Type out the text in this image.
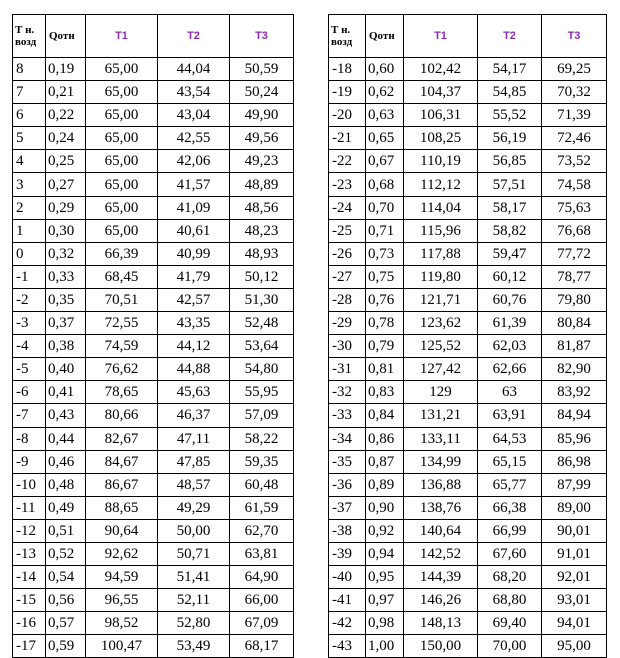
Т н.
возд	Qотн	T1	T2	T3
8	0,19	65,00	44,04	50,59
7	0,21	65,00	43,54	50,24
6	0,22	65,00	43,04	49,90
5	0,24	65,00	42,55	49,56
4	0,25	65,00	42,06	49,23
3	0,27	65,00	41,57	48,89
2	0,29	65,00	41,09	48,56
1	0,30	65,00	40,61	48,23
0	0,32	66,39	40,99	48,93
-1	0,33	68,45	41,79	50,12
-2	0,35	70,51	42,57	51,30
-3	0,37	72,55	43,35	52,48
-4	0,38	74,59	44,12	53,64
-5	0,40	76,62	44,88	54,80
-6	0,41	78,65	45,63	55,95
-7	0,43	80,66	46,37	57,09
-8	0,44	82,67	47,11	58,22
-9	0,46	84,67	47,85	59,35
-10	0,48	86,67	48,57	60,48
-11	0,49	88,65	49,29	61,59
-12	0,51	90,64	50,00	62,70
-13	0,52	92,62	50,71	63,81
-14	0,54	94,59	51,41	64,90
-15	0,56	96,55	52,11	66,00
-16	0,57	98,52	52,80	67,09
-17	0,59	100,47	53,49	68,17
Т н.
возд	Qотн	T1	T2	T3
-18	0,60	102,42	54,17	69,25
-19	0,62	104,37	54,85	70,32
-20	0,63	106,31	55,52	71,39
-21	0,65	108,25	56,19	72,46
-22	0,67	110,19	56,85	73,52
-23	0,68	112,12	57,51	74,58
-24	0,70	114,04	58,17	75,63
-25	0,71	115,96	58,82	76,68
-26	0,73	117,88	59,47	77,72
-27	0,75	119,80	60,12	78,77
-28	0,76	121,71	60,76	79,80
-29	0,78	123,62	61,39	80,84
-30	0,79	125,52	62,03	81,87
-31	0,81	127,42	62,66	82,90
-32	0,83	129	63	83,92
-33	0,84	131,21	63,91	84,94
-34	0,86	133,11	64,53	85,96
-35	0,87	134,99	65,15	86,98
-36	0,89	136,88	65,77	87,99
-37	0,90	138,76	66,38	89,00
-38	0,92	140,64	66,99	90,01
-39	0,94	142,52	67,60	91,01
-40	0,95	144,39	68,20	92,01
-41	0,97	146,26	68,80	93,01
-42	0,98	148,13	69,40	94,01
-43	1,00	150,00	70,00	95,00
